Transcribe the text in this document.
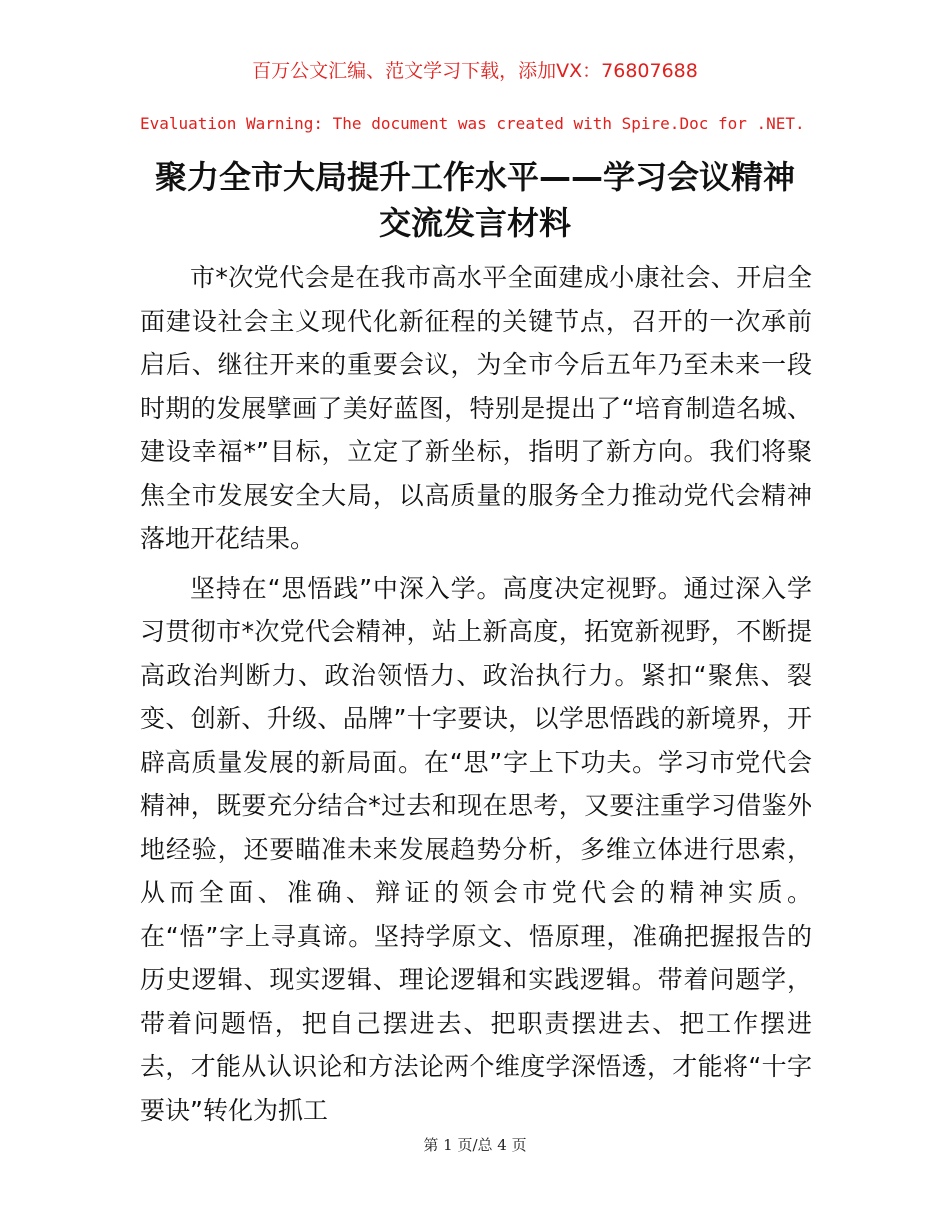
百万公文汇编、范文学习下载，添加VX：76807688
Evaluation Warning: The document was created with Spire.Doc for .NET.
聚力全市大局提升工作水平——学习会议精神
交流发言材料

市*次党代会是在我市高水平全面建成小康社会、开启全面建设社会主义现代化新征程的关键节点，召开的一次承前启后、继往开来的重要会议，为全市今后五年乃至未来一段时期的发展擘画了美好蓝图，特别是提出了“培育制造名城、建设幸福*”目标，立定了新坐标，指明了新方向。我们将聚焦全市发展安全大局，以高质量的服务全力推动党代会精神落地开花结果。

坚持在“思悟践”中深入学。高度决定视野。通过深入学习贯彻市*次党代会精神，站上新高度，拓宽新视野，不断提高政治判断力、政治领悟力、政治执行力。紧扣“聚焦、裂变、创新、升级、品牌”十字要诀，以学思悟践的新境界，开辟高质量发展的新局面。在“思”字上下功夫。学习市党代会精神，既要充分结合*过去和现在思考，又要注重学习借鉴外地经验，还要瞄准未来发展趋势分析，多维立体进行思索，从而全面、准确、辩证的领会市党代会的精神实质。在“悟”字上寻真谛。坚持学原文、悟原理，准确把握报告的历史逻辑、现实逻辑、理论逻辑和实践逻辑。带着问题学，带着问题悟，把自己摆进去、把职责摆进去、把工作摆进去，才能从认识论和方法论两个维度学深悟透，才能将“十字要诀”转化为抓工

第 1 页/总 4 页
